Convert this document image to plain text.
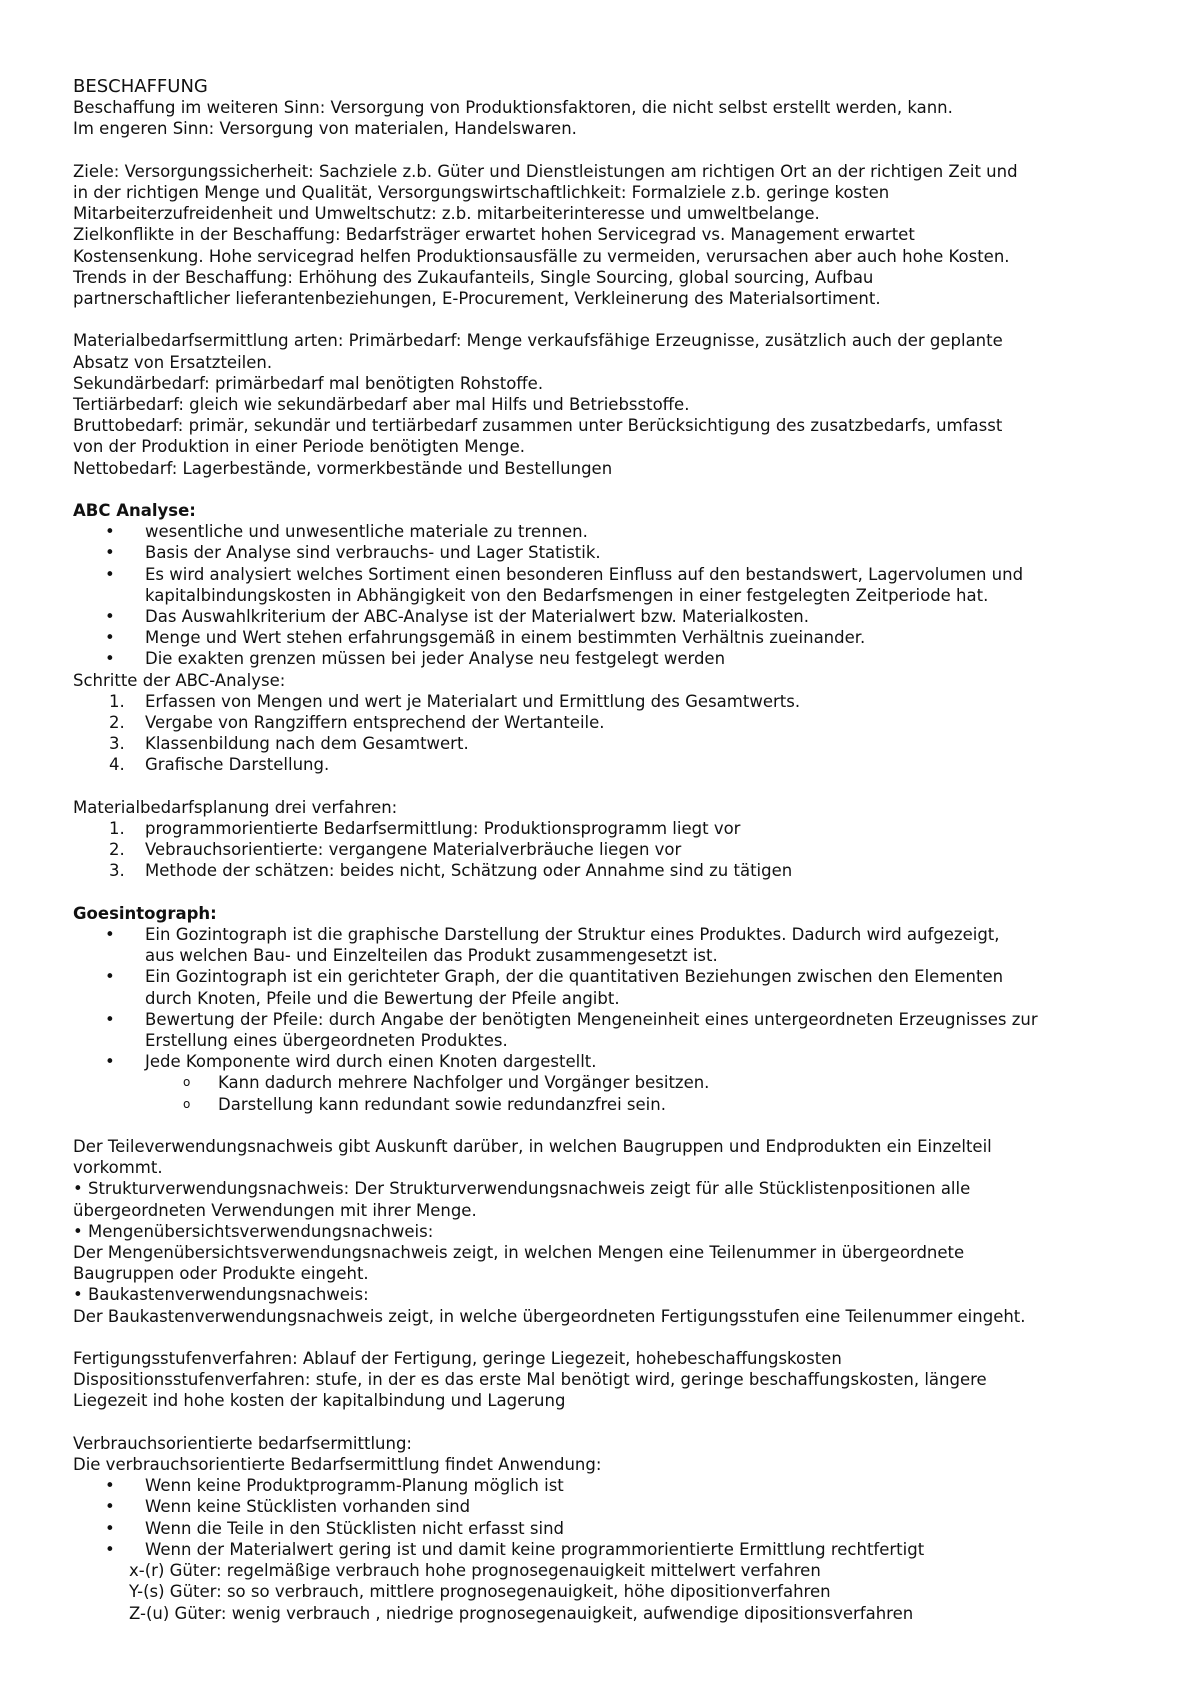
BESCHAFFUNG
Beschaffung im weiteren Sinn: Versorgung von Produktionsfaktoren, die nicht selbst erstellt werden, kann.
Im engeren Sinn: Versorgung von materialen, Handelswaren.
Ziele: Versorgungssicherheit: Sachziele z.b. Güter und Dienstleistungen am richtigen Ort an der richtigen Zeit und
in der richtigen Menge und Qualität, Versorgungswirtschaftlichkeit: Formalziele z.b. geringe kosten
Mitarbeiterzufreidenheit und Umweltschutz: z.b. mitarbeiterinteresse und umweltbelange.
Zielkonflikte in der Beschaffung: Bedarfsträger erwartet hohen Servicegrad vs. Management erwartet
Kostensenkung. Hohe servicegrad helfen Produktionsausfälle zu vermeiden, verursachen aber auch hohe Kosten.
Trends in der Beschaffung: Erhöhung des Zukaufanteils, Single Sourcing, global sourcing, Aufbau
partnerschaftlicher lieferantenbeziehungen, E-Procurement, Verkleinerung des Materialsortiment.
Materialbedarfsermittlung arten: Primärbedarf: Menge verkaufsfähige Erzeugnisse, zusätzlich auch der geplante
Absatz von Ersatzteilen.
Sekundärbedarf: primärbedarf mal benötigten Rohstoffe.
Tertiärbedarf: gleich wie sekundärbedarf aber mal Hilfs und Betriebsstoffe.
Bruttobedarf: primär, sekundär und tertiärbedarf zusammen unter Berücksichtigung des zusatzbedarfs, umfasst
von der Produktion in einer Periode benötigten Menge.
Nettobedarf: Lagerbestände, vormerkbestände und Bestellungen
ABC Analyse:
•	wesentliche und unwesentliche materiale zu trennen.
•	Basis der Analyse sind verbrauchs- und Lager Statistik.
•	Es wird analysiert welches Sortiment einen besonderen Einfluss auf den bestandswert, Lagervolumen und
kapitalbindungskosten in Abhängigkeit von den Bedarfsmengen in einer festgelegten Zeitperiode hat.
•	Das Auswahlkriterium der ABC-Analyse ist der Materialwert bzw. Materialkosten.
•	Menge und Wert stehen erfahrungsgemäß in einem bestimmten Verhältnis zueinander.
•	Die exakten grenzen müssen bei jeder Analyse neu festgelegt werden
Schritte der ABC-Analyse:
1.	Erfassen von Mengen und wert je Materialart und Ermittlung des Gesamtwerts.
2.	Vergabe von Rangziffern entsprechend der Wertanteile.
3.	Klassenbildung nach dem Gesamtwert.
4.	Grafische Darstellung.
Materialbedarfsplanung drei verfahren:
1.	programmorientierte Bedarfsermittlung: Produktionsprogramm liegt vor
2.	Vebrauchsorientierte: vergangene Materialverbräuche liegen vor
3.	Methode der schätzen: beides nicht, Schätzung oder Annahme sind zu tätigen
Goesintograph:
•	Ein Gozintograph ist die graphische Darstellung der Struktur eines Produktes. Dadurch wird aufgezeigt,
aus welchen Bau- und Einzelteilen das Produkt zusammengesetzt ist.
•	Ein Gozintograph ist ein gerichteter Graph, der die quantitativen Beziehungen zwischen den Elementen
durch Knoten, Pfeile und die Bewertung der Pfeile angibt.
•	Bewertung der Pfeile: durch Angabe der benötigten Mengeneinheit eines untergeordneten Erzeugnisses zur
Erstellung eines übergeordneten Produktes.
•	Jede Komponente wird durch einen Knoten dargestellt.
o Kann dadurch mehrere Nachfolger und Vorgänger besitzen.
o Darstellung kann redundant sowie redundanzfrei sein.
Der Teileverwendungsnachweis gibt Auskunft darüber, in welchen Baugruppen und Endprodukten ein Einzelteil
vorkommt.
• Strukturverwendungsnachweis: Der Strukturverwendungsnachweis zeigt für alle Stücklistenpositionen alle
übergeordneten Verwendungen mit ihrer Menge.
• Mengenübersichtsverwendungsnachweis:
Der Mengenübersichtsverwendungsnachweis zeigt, in welchen Mengen eine Teilenummer in übergeordnete
Baugruppen oder Produkte eingeht.
• Baukastenverwendungsnachweis:
Der Baukastenverwendungsnachweis zeigt, in welche übergeordneten Fertigungsstufen eine Teilenummer eingeht.
Fertigungsstufenverfahren: Ablauf der Fertigung, geringe Liegezeit, hohebeschaffungskosten
Dispositionsstufenverfahren: stufe, in der es das erste Mal benötigt wird, geringe beschaffungskosten, längere
Liegezeit ind hohe kosten der kapitalbindung und Lagerung
Verbrauchsorientierte bedarfsermittlung:
Die verbrauchsorientierte Bedarfsermittlung findet Anwendung:
•	Wenn keine Produktprogramm-Planung möglich ist
•	Wenn keine Stücklisten vorhanden sind
•	Wenn die Teile in den Stücklisten nicht erfasst sind
•	Wenn der Materialwert gering ist und damit keine programmorientierte Ermittlung rechtfertigt
x-(r) Güter: regelmäßige verbrauch hohe prognosegenauigkeit mittelwert verfahren
Y-(s) Güter: so so verbrauch, mittlere prognosegenauigkeit, höhe dipositionverfahren
Z-(u) Güter: wenig verbrauch , niedrige prognosegenauigkeit, aufwendige dipositionsverfahren
